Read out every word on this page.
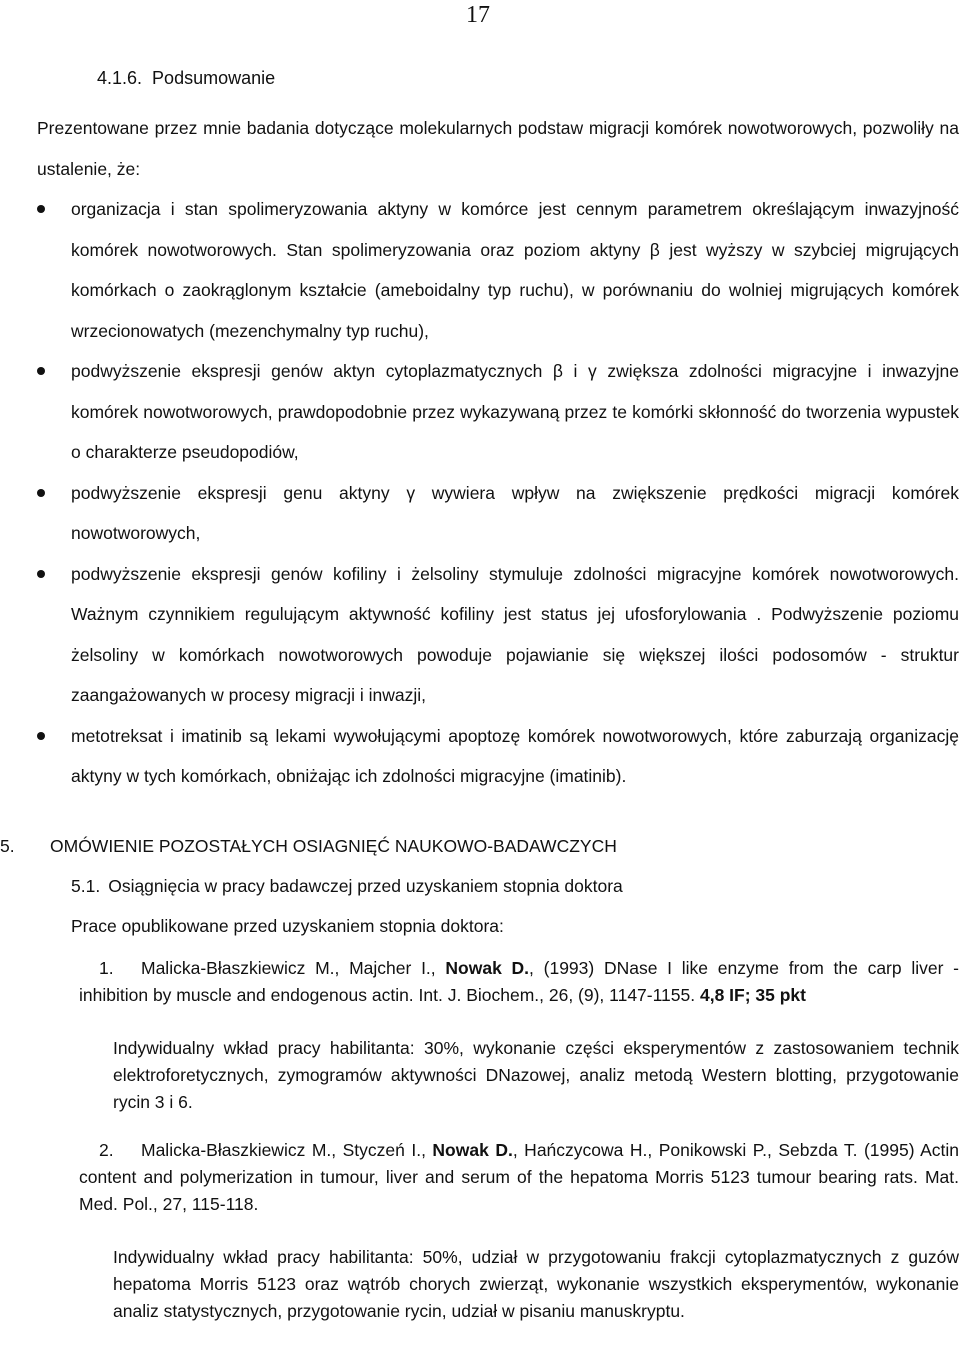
17
4.1.6. Podsumowanie

Prezentowane przez mnie badania dotyczące molekularnych podstaw migracji komórek nowotworowych, pozwoliły na ustalenie, że:

organizacja i stan spolimeryzowania aktyny w komórce jest cennym parametrem określającym inwazyjność komórek nowotworowych. Stan spolimeryzowania oraz poziom aktyny β jest wyższy w szybciej migrujących komórkach o zaokrąglonym kształcie (ameboidalny typ ruchu), w porównaniu do wolniej migrujących komórek wrzecionowatych (mezenchymalny typ ruchu),
podwyższenie ekspresji genów aktyn cytoplazmatycznych β i γ zwiększa zdolności migracyjne i inwazyjne komórek nowotworowych, prawdopodobnie przez wykazywaną przez te komórki skłonność do tworzenia wypustek o charakterze pseudopodiów,
podwyższenie ekspresji genu aktyny γ wywiera wpływ na zwiększenie prędkości migracji komórek nowotworowych,
podwyższenie ekspresji genów kofiliny i żelsoliny stymuluje zdolności migracyjne komórek nowotworowych. Ważnym czynnikiem regulującym aktywność kofiliny jest status jej ufosforylowania . Podwyższenie poziomu żelsoliny w komórkach nowotworowych powoduje pojawianie się większej ilości podosomów - struktur zaangażowanych w procesy migracji i inwazji,
metotreksat i imatinib są lekami wywołującymi apoptozę komórek nowotworowych, które zaburzają organizację aktyny w tych komórkach, obniżając ich zdolności migracyjne (imatinib).
5. OMÓWIENIE POZOSTAŁYCH OSIAGNIĘĆ NAUKOWO-BADAWCZYCH
5.1. Osiągnięcia w pracy badawczej przed uzyskaniem stopnia doktora
Prace opublikowane przed uzyskaniem stopnia doktora:
1. Malicka-Błaszkiewicz M., Majcher I., Nowak D., (1993) DNase I like enzyme from the carp liver - inhibition by muscle and endogenous actin. Int. J. Biochem., 26, (9), 1147-1155. 4,8 IF; 35 pkt
Indywidualny wkład pracy habilitanta: 30%, wykonanie części eksperymentów z zastosowaniem technik elektroforetycznych, zymogramów aktywności DNazowej, analiz metodą Western blotting, przygotowanie rycin 3 i 6.
2. Malicka-Błaszkiewicz M., Styczeń I., Nowak D., Hańczycowa H., Ponikowski P., Sebzda T. (1995) Actin content and polymerization in tumour, liver and serum of the hepatoma Morris 5123 tumour bearing rats. Mat. Med. Pol., 27, 115-118.
Indywidualny wkład pracy habilitanta: 50%, udział w przygotowaniu frakcji cytoplazmatycznych z guzów hepatoma Morris 5123 oraz wątrób chorych zwierząt, wykonanie wszystkich eksperymentów, wykonanie analiz statystycznych, przygotowanie rycin, udział w pisaniu manuskryptu.
